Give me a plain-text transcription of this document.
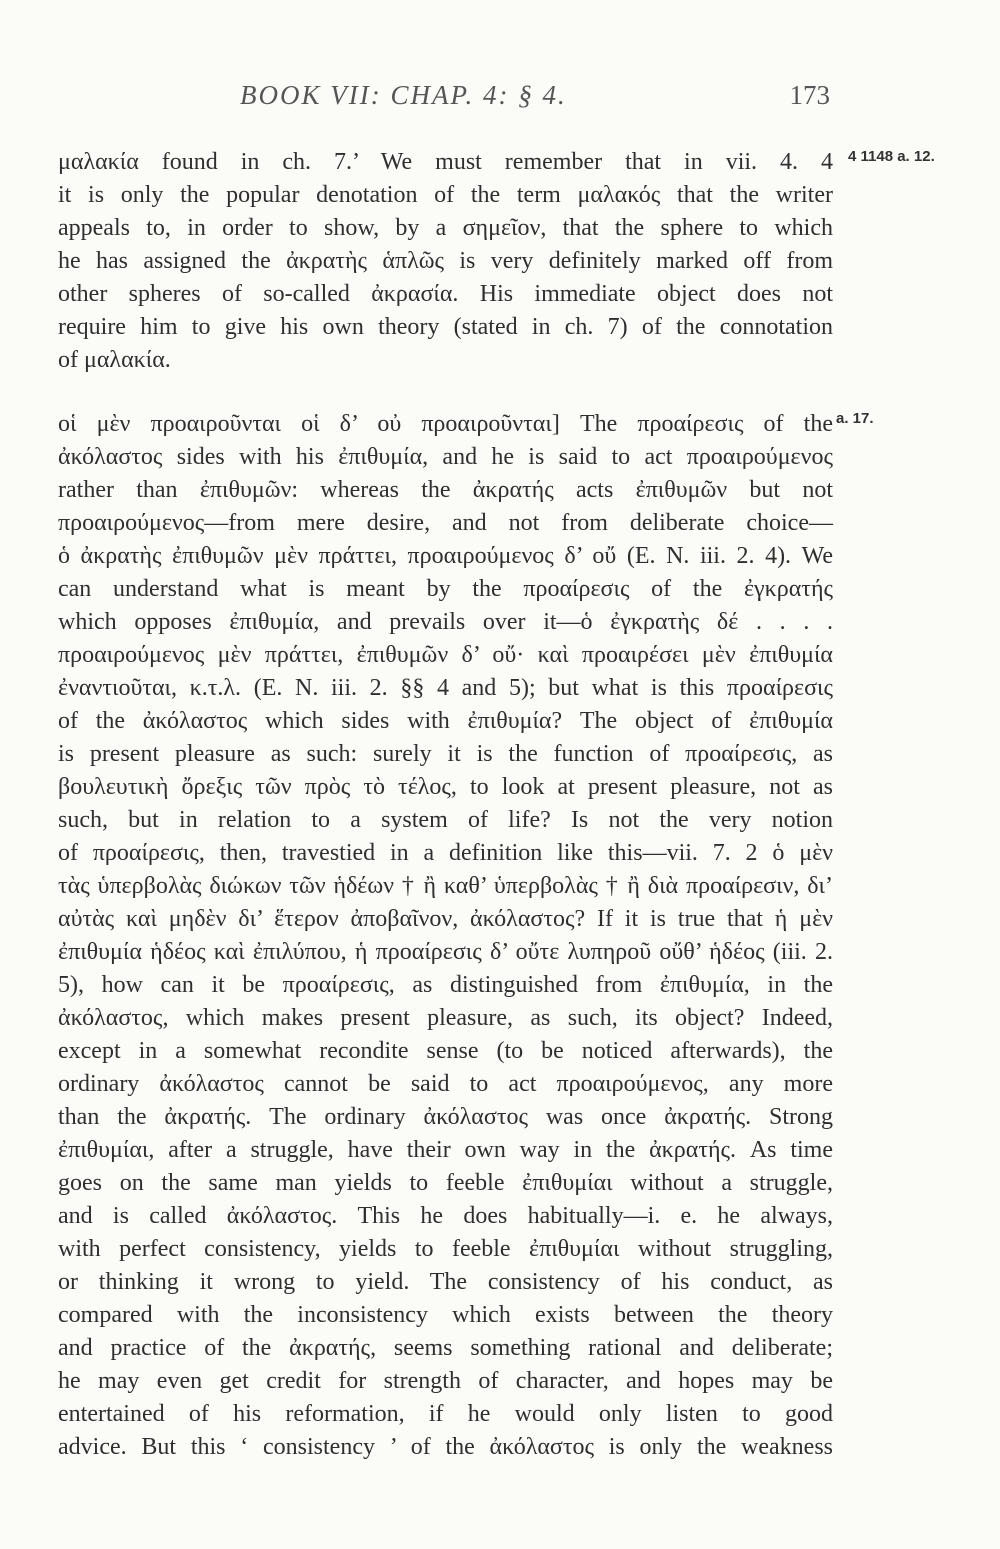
BOOK VII: CHAP. 4: § 4.	173
4 1148 a. 12.
a. 17.
μαλακία found in ch. 7.’ We must remember that in vii. 4. 4
it is only the popular denotation of the term μαλακός that the writer
appeals to, in order to show, by a σημεῖον, that the sphere to which
he has assigned the ἀκρατὴς ἁπλῶς is very definitely marked off from
other spheres of so-called ἀκρασία. His immediate object does not
require him to give his own theory (stated in ch. 7) of the connotation
of μαλακία.
οἱ μὲν προαιροῦνται οἱ δ’ οὐ προαιροῦνται] The προαίρεσις of the
ἀκόλαστος sides with his ἐπιθυμία, and he is said to act προαιρούμενος
rather than ἐπιθυμῶν: whereas the ἀκρατής acts ἐπιθυμῶν but not
προαιρούμενος—from mere desire, and not from deliberate choice—
ὁ ἀκρατὴς ἐπιθυμῶν μὲν πράττει, προαιρούμενος δ’ οὔ (E. N. iii. 2. 4). We
can understand what is meant by the προαίρεσις of the ἐγκρατής
which opposes ἐπιθυμία, and prevails over it—ὁ ἐγκρατὴς δέ . . . .
προαιρούμενος μὲν πράττει, ἐπιθυμῶν δ’ οὔ· καὶ προαιρέσει μὲν ἐπιθυμία
ἐναντιοῦται, κ.τ.λ. (E. N. iii. 2. §§ 4 and 5); but what is this προαίρεσις
of the ἀκόλαστος which sides with ἐπιθυμία? The object of ἐπιθυμία
is present pleasure as such: surely it is the function of προαίρεσις, as
βουλευτικὴ ὄρεξις τῶν πρὸς τὸ τέλος, to look at present pleasure, not as
such, but in relation to a system of life? Is not the very notion
of προαίρεσις, then, travestied in a definition like this—vii. 7. 2 ὁ μὲν
τὰς ὑπερβολὰς διώκων τῶν ἡδέων † ἢ καθ’ ὑπερβολὰς † ἢ διὰ προαίρεσιν, δι’
αὐτὰς καὶ μηδὲν δι’ ἕτερον ἀποβαῖνον, ἀκόλαστος? If it is true that ἡ μὲν
ἐπιθυμία ἡδέος καὶ ἐπιλύπου, ἡ προαίρεσις δ’ οὔτε λυπηροῦ οὔθ’ ἡδέος (iii. 2.
5), how can it be προαίρεσις, as distinguished from ἐπιθυμία, in the
ἀκόλαστος, which makes present pleasure, as such, its object? Indeed,
except in a somewhat recondite sense (to be noticed afterwards), the
ordinary ἀκόλαστος cannot be said to act προαιρούμενος, any more
than the ἀκρατής. The ordinary ἀκόλαστος was once ἀκρατής. Strong
ἐπιθυμίαι, after a struggle, have their own way in the ἀκρατής. As time
goes on the same man yields to feeble ἐπιθυμίαι without a struggle,
and is called ἀκόλαστος. This he does habitually—i. e. he always,
with perfect consistency, yields to feeble ἐπιθυμίαι without struggling,
or thinking it wrong to yield. The consistency of his conduct, as
compared with the inconsistency which exists between the theory
and practice of the ἀκρατής, seems something rational and deliberate;
he may even get credit for strength of character, and hopes may be
entertained of his reformation, if he would only listen to good
advice. But this ‘ consistency ’ of the ἀκόλαστος is only the weakness
